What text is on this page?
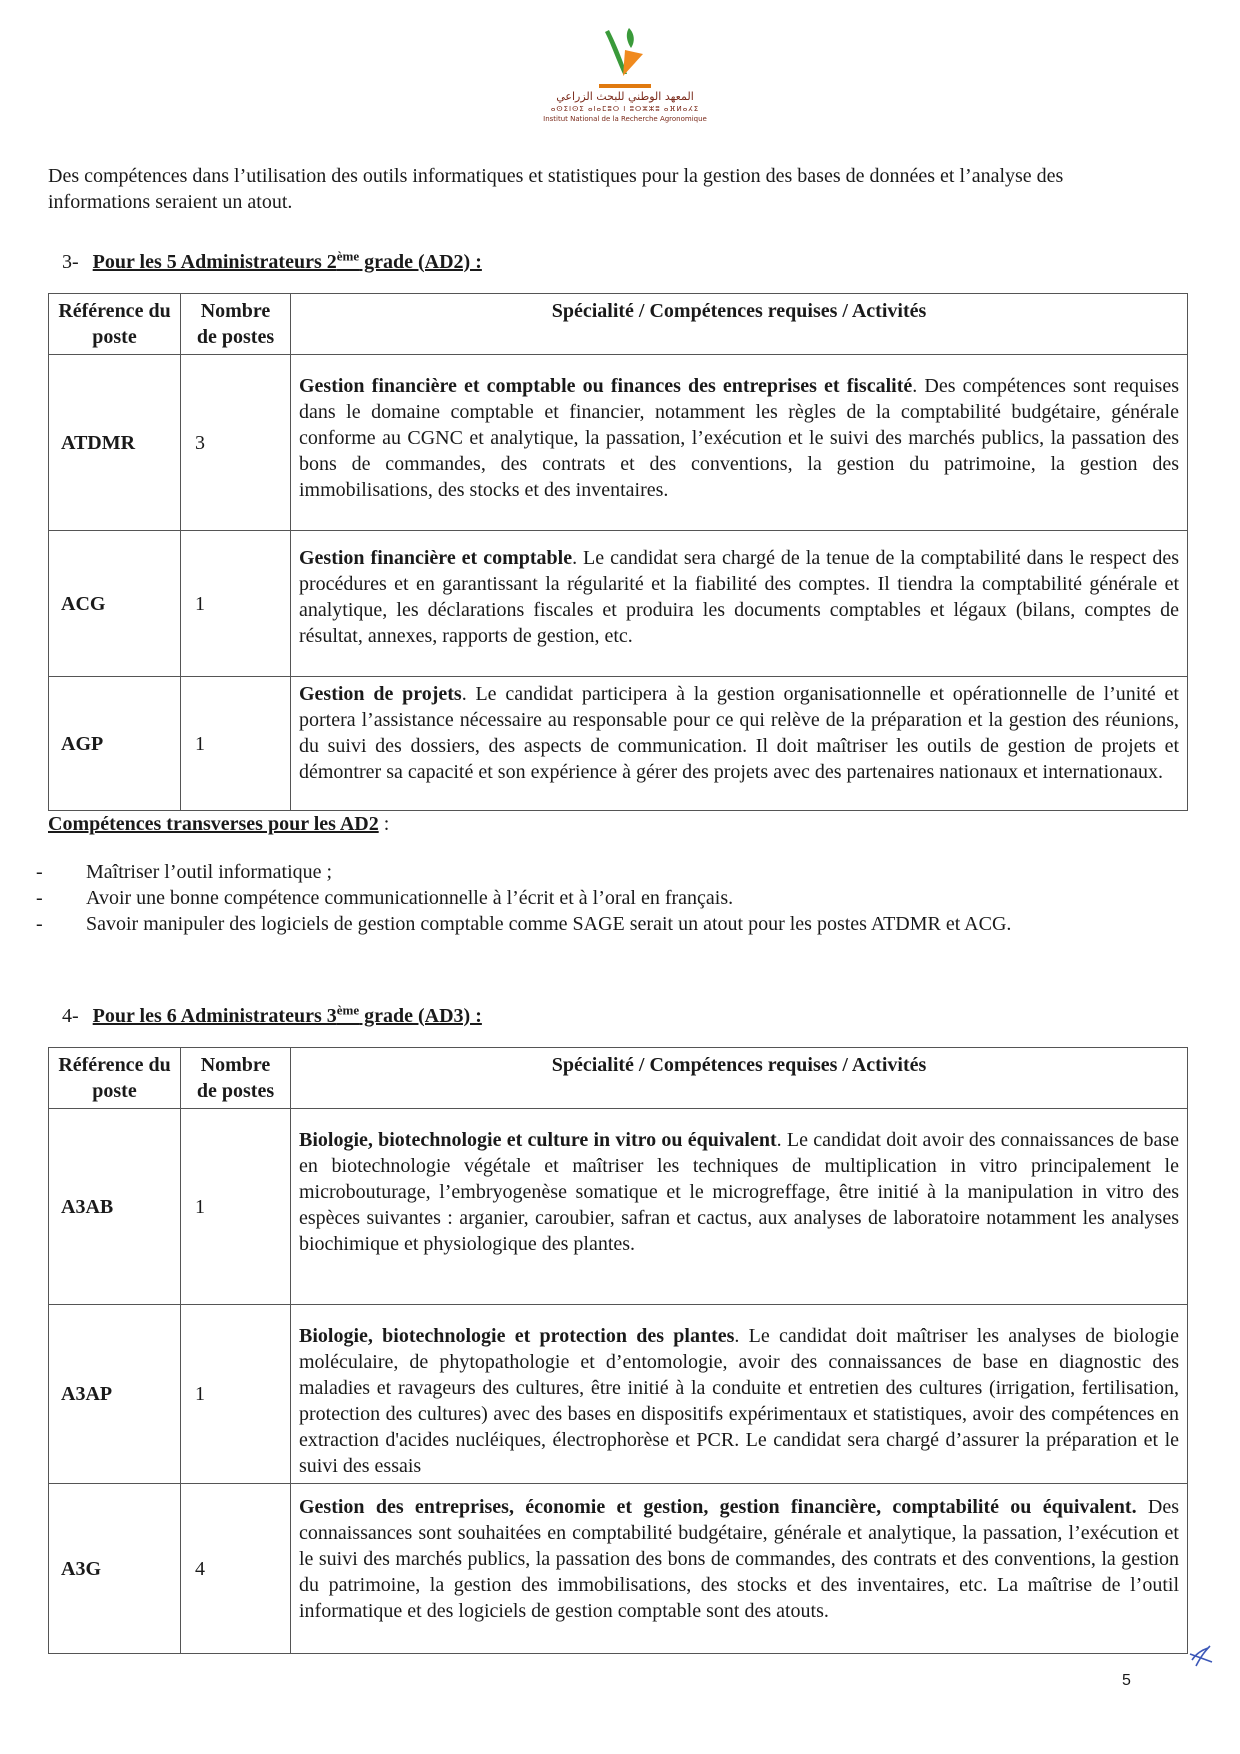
المعهد الوطني للبحث الزراعي
ⴰⵙⵉⵏⵙⵉ ⴰⵏⴰⵎⵓⵔ ⵏ ⵓⵔⵣⵣⵓ ⴰⴼⵍⴰⵃⵉ
Institut National de la Recherche Agronomique
Des compétences dans l’utilisation des outils informatiques et statistiques pour la gestion des bases de données et l’analyse des informations seraient un atout.
3- Pour les 5 Administrateurs 2ème grade (AD2) :
Référence du poste	Nombre de postes	Spécialité / Compétences requises / Activités
ATDMR	3	Gestion financière et comptable ou finances des entreprises et fiscalité. Des compétences sont requises dans le domaine comptable et financier, notamment les règles de la comptabilité budgétaire, générale conforme au CGNC et analytique, la passation, l’exécution et le suivi des marchés publics, la passation des bons de commandes, des contrats et des conventions, la gestion du patrimoine, la gestion des immobilisations, des stocks et des inventaires.
ACG	1	Gestion financière et comptable. Le candidat sera chargé de la tenue de la comptabilité dans le respect des procédures et en garantissant la régularité et la fiabilité des comptes. Il tiendra la comptabilité générale et analytique, les déclarations fiscales et produira les documents comptables et légaux (bilans, comptes de résultat, annexes, rapports de gestion, etc.
AGP	1	Gestion de projets. Le candidat participera à la gestion organisationnelle et opérationnelle de l’unité et portera l’assistance nécessaire au responsable pour ce qui relève de la préparation et la gestion des réunions, du suivi des dossiers, des aspects de communication. Il doit maîtriser les outils de gestion de projets et démontrer sa capacité et son expérience à gérer des projets avec des partenaires nationaux et internationaux.
Compétences transverses pour les AD2 :
- Maîtriser l’outil informatique ;
- Avoir une bonne compétence communicationnelle à l’écrit et à l’oral en français.
- Savoir manipuler des logiciels de gestion comptable comme SAGE serait un atout pour les postes ATDMR et ACG.
4- Pour les 6 Administrateurs 3ème grade (AD3) :
Référence du poste	Nombre de postes	Spécialité / Compétences requises / Activités
A3AB	1	Biologie, biotechnologie et culture in vitro ou équivalent. Le candidat doit avoir des connaissances de base en biotechnologie végétale et maîtriser les techniques de multiplication in vitro principalement le microbouturage, l’embryogenèse somatique et le microgreffage, être initié à la manipulation in vitro des espèces suivantes : arganier, caroubier, safran et cactus, aux analyses de laboratoire notamment les analyses biochimique et physiologique des plantes.
A3AP	1	Biologie, biotechnologie et protection des plantes. Le candidat doit maîtriser les analyses de biologie moléculaire, de phytopathologie et d’entomologie, avoir des connaissances de base en diagnostic des maladies et ravageurs des cultures, être initié à la conduite et entretien des cultures (irrigation, fertilisation, protection des cultures) avec des bases en dispositifs expérimentaux et statistiques, avoir des compétences en extraction d'acides nucléiques, électrophorèse et PCR. Le candidat sera chargé d’assurer la préparation et le suivi des essais
A3G	4	Gestion des entreprises, économie et gestion, gestion financière, comptabilité ou équivalent. Des connaissances sont souhaitées en comptabilité budgétaire, générale et analytique, la passation, l’exécution et le suivi des marchés publics, la passation des bons de commandes, des contrats et des conventions, la gestion du patrimoine, la gestion des immobilisations, des stocks et des inventaires, etc. La maîtrise de l’outil informatique et des logiciels de gestion comptable sont des atouts.
5
